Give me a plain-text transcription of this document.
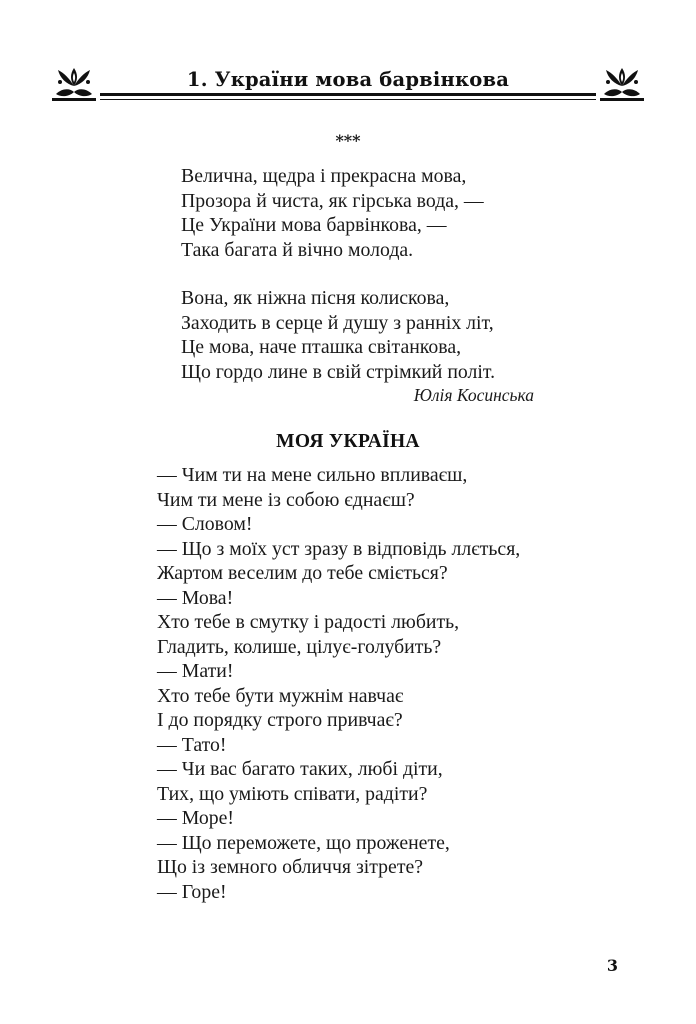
1. України мова барвінкова
***
Велична, щедра і прекрасна мова,
Прозора й чиста, як гірська вода, —
Це України мова барвінкова, —
Така багата й вічно молода.
Вона, як ніжна пісня колискова,
Заходить в серце й душу з ранніх літ,
Це мова, наче пташка світанкова,
Що гордо лине в свій стрімкий політ.
Юлія Косинська
МОЯ УКРАЇНА
— Чим ти на мене сильно впливаєш,
Чим ти мене із собою єднаєш?
— Словом!
— Що з моїх уст зразу в відповідь ллється,
Жартом веселим до тебе сміється?
— Мова!
Хто тебе в смутку і радості любить,
Гладить, колише, цілує-голубить?
— Мати!
Хто тебе бути мужнім навчає
І до порядку строго привчає?
— Тато!
— Чи вас багато таких, любі діти,
Тих, що уміють співати, радіти?
— Море!
— Що переможете, що проженете,
Що із земного обличчя зітрете?
— Горе!
3
